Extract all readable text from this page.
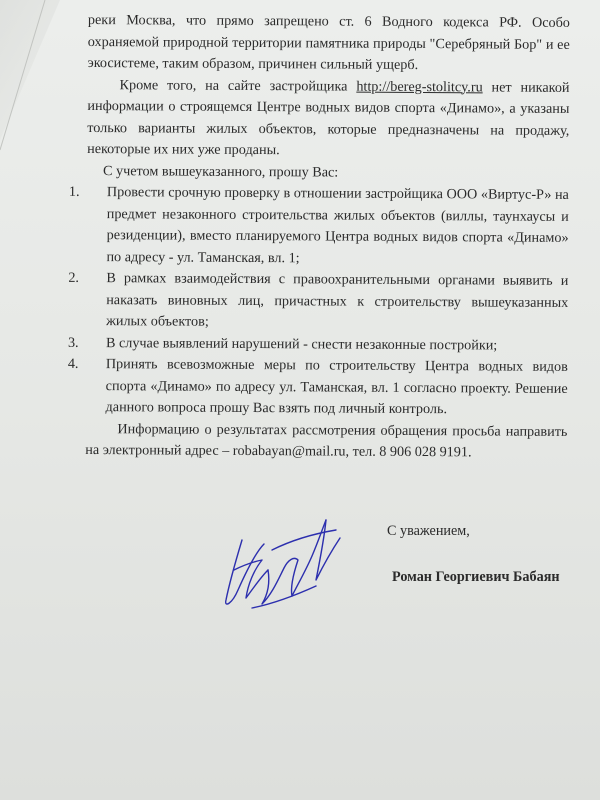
реки Москва, что прямо запрещено ст. 6 Водного кодекса РФ. Особо охраняемой природной территории памятника природы "Серебряный Бор" и ее экосистеме, таким образом, причинен сильный ущерб.

Кроме того, на сайте застройщика http://bereg-stolitcy.ru нет никакой информации о строящемся Центре водных видов спорта «Динамо», а указаны только варианты жилых объектов, которые предназначены на продажу, некоторые их них уже проданы.

С учетом вышеуказанного, прошу Вас:

1. Провести срочную проверку в отношении застройщика ООО «Виртус-Р» на предмет незаконного строительства жилых объектов (виллы, таунхаусы и резиденции), вместо планируемого Центра водных видов спорта «Динамо» по адресу - ул. Таманская, вл. 1;
2. В рамках взаимодействия с правоохранительными органами выявить и наказать виновных лиц, причастных к строительству вышеуказанных жилых объектов;
3. В случае выявлений нарушений - снести незаконные постройки;
4. Принять всевозможные меры по строительству Центра водных видов спорта «Динамо» по адресу ул. Таманская, вл. 1 согласно проекту. Решение данного вопроса прошу Вас взять под личный контроль.

Информацию о результатах рассмотрения обращения просьба направить на электронный адрес – robabayan@mail.ru, тел. 8 906 028 9191.

С уважением,
Роман Георгиевич Бабаян
